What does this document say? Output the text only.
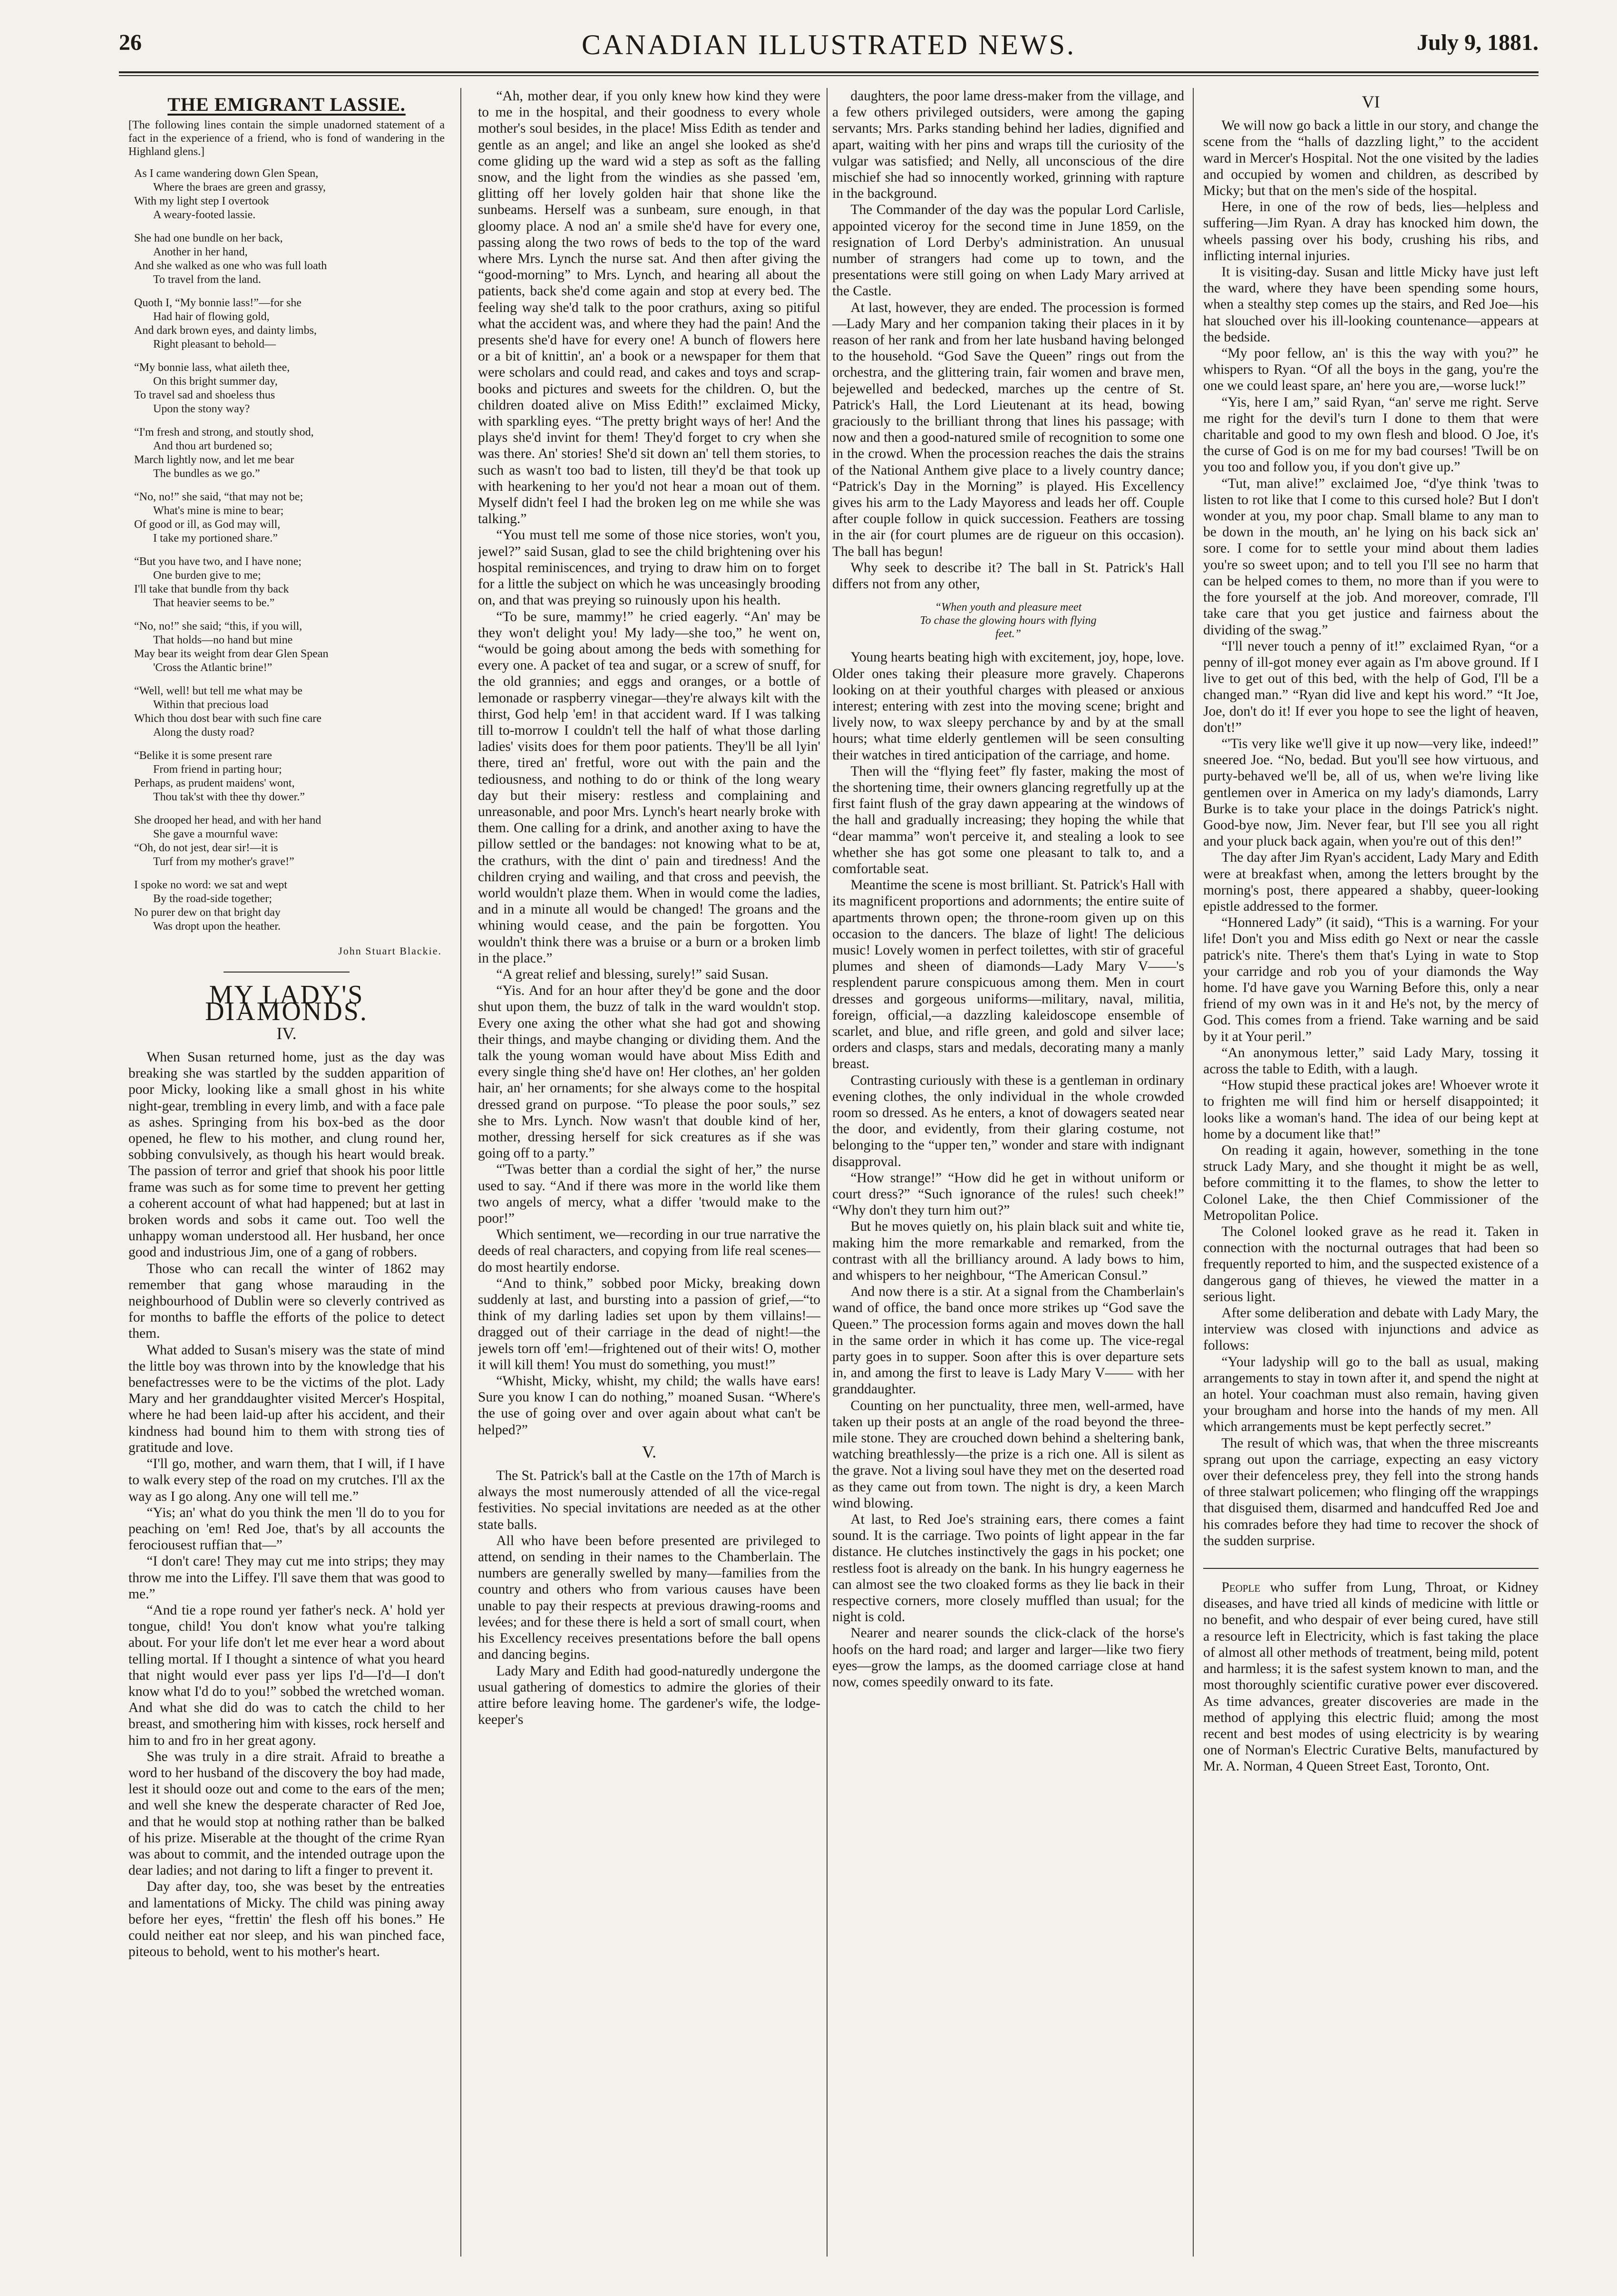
26	CANADIAN ILLUSTRATED NEWS.	July 9, 1881.
THE EMIGRANT LASSIE.
[The following lines contain the simple unadorned statement of a fact in the experience of a friend, who is fond of wandering in the Highland glens.]
As I came wandering down Glen Spean,
Where the braes are green and grassy,
With my light step I overtook
A weary-footed lassie.
She had one bundle on her back,
Another in her hand,
And she walked as one who was full loath
To travel from the land.
Quoth I, “My bonnie lass!”—for she
Had hair of flowing gold,
And dark brown eyes, and dainty limbs,
Right pleasant to behold—
“My bonnie lass, what aileth thee,
On this bright summer day,
To travel sad and shoeless thus
Upon the stony way?
“I'm fresh and strong, and stoutly shod,
And thou art burdened so;
March lightly now, and let me bear
The bundles as we go.”
“No, no!” she said, “that may not be;
What's mine is mine to bear;
Of good or ill, as God may will,
I take my portioned share.”
“But you have two, and I have none;
One burden give to me;
I'll take that bundle from thy back
That heavier seems to be.”
“No, no!” she said; “this, if you will,
That holds—no hand but mine
May bear its weight from dear Glen Spean
'Cross the Atlantic brine!”
“Well, well! but tell me what may be
Within that precious load
Which thou dost bear with such fine care
Along the dusty road?
“Belike it is some present rare
From friend in parting hour;
Perhaps, as prudent maidens' wont,
Thou tak'st with thee thy dower.”
She drooped her head, and with her hand
She gave a mournful wave:
“Oh, do not jest, dear sir!—it is
Turf from my mother's grave!”
I spoke no word: we sat and wept
By the road-side together;
No purer dew on that bright day
Was dropt upon the heather.
John Stuart Blackie.
MY LADY'S DIAMONDS.
IV.

When Susan returned home, just as the day was breaking she was startled by the sudden apparition of poor Micky, looking like a small ghost in his white night-gear, trembling in every limb, and with a face pale as ashes. Springing from his box-bed as the door opened, he flew to his mother, and clung round her, sobbing convulsively, as though his heart would break. The passion of terror and grief that shook his poor little frame was such as for some time to prevent her getting a coherent account of what had happened; but at last in broken words and sobs it came out. Too well the unhappy woman understood all. Her husband, her once good and industrious Jim, one of a gang of robbers.

Those who can recall the winter of 1862 may remember that gang whose marauding in the neighbourhood of Dublin were so cleverly contrived as for months to baffle the efforts of the police to detect them.

What added to Susan's misery was the state of mind the little boy was thrown into by the knowledge that his benefactresses were to be the victims of the plot. Lady Mary and her granddaughter visited Mercer's Hospital, where he had been laid-up after his accident, and their kindness had bound him to them with strong ties of gratitude and love.

“I'll go, mother, and warn them, that I will, if I have to walk every step of the road on my crutches. I'll ax the way as I go along. Any one will tell me.”

“Yis; an' what do you think the men 'll do to you for peaching on 'em! Red Joe, that's by all accounts the ferociousest ruffian that—”

“I don't care! They may cut me into strips; they may throw me into the Liffey. I'll save them that was good to me.”

“And tie a rope round yer father's neck. A' hold yer tongue, child! You don't know what you're talking about. For your life don't let me ever hear a word about telling mortal. If I thought a sintence of what you heard that night would ever pass yer lips I'd—I'd—I don't know what I'd do to you!” sobbed the wretched woman. And what she did do was to catch the child to her breast, and smothering him with kisses, rock herself and him to and fro in her great agony.

She was truly in a dire strait. Afraid to breathe a word to her husband of the discovery the boy had made, lest it should ooze out and come to the ears of the men; and well she knew the desperate character of Red Joe, and that he would stop at nothing rather than be balked of his prize. Miserable at the thought of the crime Ryan was about to commit, and the intended outrage upon the dear ladies; and not daring to lift a finger to prevent it.

Day after day, too, she was beset by the entreaties and lamentations of Micky. The child was pining away before her eyes, “frettin' the flesh off his bones.” He could neither eat nor sleep, and his wan pinched face, piteous to behold, went to his mother's heart.

“Ah, mother dear, if you only knew how kind they were to me in the hospital, and their goodness to every whole mother's soul besides, in the place! Miss Edith as tender and gentle as an angel; and like an angel she looked as she'd come gliding up the ward wid a step as soft as the falling snow, and the light from the windies as she passed 'em, glitting off her lovely golden hair that shone like the sunbeams. Herself was a sunbeam, sure enough, in that gloomy place. A nod an' a smile she'd have for every one, passing along the two rows of beds to the top of the ward where Mrs. Lynch the nurse sat. And then after giving the “good-morning” to Mrs. Lynch, and hearing all about the patients, back she'd come again and stop at every bed. The feeling way she'd talk to the poor crathurs, axing so pitiful what the accident was, and where they had the pain! And the presents she'd have for every one! A bunch of flowers here or a bit of knittin', an' a book or a newspaper for them that were scholars and could read, and cakes and toys and scrap-books and pictures and sweets for the children. O, but the children doated alive on Miss Edith!” exclaimed Micky, with sparkling eyes. “The pretty bright ways of her! And the plays she'd invint for them! They'd forget to cry when she was there. An' stories! She'd sit down an' tell them stories, to such as wasn't too bad to listen, till they'd be that took up with hearkening to her you'd not hear a moan out of them. Myself didn't feel I had the broken leg on me while she was talking.”

“You must tell me some of those nice stories, won't you, jewel?” said Susan, glad to see the child brightening over his hospital reminiscences, and trying to draw him on to forget for a little the subject on which he was unceasingly brooding on, and that was preying so ruinously upon his health.

“To be sure, mammy!” he cried eagerly. “An' may be they won't delight you! My lady—she too,” he went on, “would be going about among the beds with something for every one. A packet of tea and sugar, or a screw of snuff, for the old grannies; and eggs and oranges, or a bottle of lemonade or raspberry vinegar—they're always kilt with the thirst, God help 'em! in that accident ward. If I was talking till to-morrow I couldn't tell the half of what those darling ladies' visits does for them poor patients. They'll be all lyin' there, tired an' fretful, wore out with the pain and the tediousness, and nothing to do or think of the long weary day but their misery: restless and complaining and unreasonable, and poor Mrs. Lynch's heart nearly broke with them. One calling for a drink, and another axing to have the pillow settled or the bandages: not knowing what to be at, the crathurs, with the dint o' pain and tiredness! And the children crying and wailing, and that cross and peevish, the world wouldn't plaze them. When in would come the ladies, and in a minute all would be changed! The groans and the whining would cease, and the pain be forgotten. You wouldn't think there was a bruise or a burn or a broken limb in the place.”

“A great relief and blessing, surely!” said Susan.

“Yis. And for an hour after they'd be gone and the door shut upon them, the buzz of talk in the ward wouldn't stop. Every one axing the other what she had got and showing their things, and maybe changing or dividing them. And the talk the young woman would have about Miss Edith and every single thing she'd have on! Her clothes, an' her golden hair, an' her ornaments; for she always come to the hospital dressed grand on purpose. “To please the poor souls,” sez she to Mrs. Lynch. Now wasn't that double kind of her, mother, dressing herself for sick creatures as if she was going off to a party.”

“'Twas better than a cordial the sight of her,” the nurse used to say. “And if there was more in the world like them two angels of mercy, what a differ 'twould make to the poor!”

Which sentiment, we—recording in our true narrative the deeds of real characters, and copying from life real scenes—do most heartily endorse.

“And to think,” sobbed poor Micky, breaking down suddenly at last, and bursting into a passion of grief,—“to think of my darling ladies set upon by them villains!—dragged out of their carriage in the dead of night!—the jewels torn off 'em!—frightened out of their wits! O, mother it will kill them! You must do something, you must!”

“Whisht, Micky, whisht, my child; the walls have ears! Sure you know I can do nothing,” moaned Susan. “Where's the use of going over and over again about what can't be helped?”

V.

The St. Patrick's ball at the Castle on the 17th of March is always the most numerously attended of all the vice-regal festivities. No special invitations are needed as at the other state balls.

All who have been before presented are privileged to attend, on sending in their names to the Chamberlain. The numbers are generally swelled by many—families from the country and others who from various causes have been unable to pay their respects at previous drawing-rooms and levées; and for these there is held a sort of small court, when his Excellency receives presentations before the ball opens and dancing begins.

Lady Mary and Edith had good-naturedly undergone the usual gathering of domestics to admire the glories of their attire before leaving home. The gardener's wife, the lodge-keeper's

daughters, the poor lame dress-maker from the village, and a few others privileged outsiders, were among the gaping servants; Mrs. Parks standing behind her ladies, dignified and apart, waiting with her pins and wraps till the curiosity of the vulgar was satisfied; and Nelly, all unconscious of the dire mischief she had so innocently worked, grinning with rapture in the background.

The Commander of the day was the popular Lord Carlisle, appointed viceroy for the second time in June 1859, on the resignation of Lord Derby's administration. An unusual number of strangers had come up to town, and the presentations were still going on when Lady Mary arrived at the Castle.

At last, however, they are ended. The procession is formed—Lady Mary and her companion taking their places in it by reason of her rank and from her late husband having belonged to the household. “God Save the Queen” rings out from the orchestra, and the glittering train, fair women and brave men, bejewelled and bedecked, marches up the centre of St. Patrick's Hall, the Lord Lieutenant at its head, bowing graciously to the brilliant throng that lines his passage; with now and then a good-natured smile of recognition to some one in the crowd. When the procession reaches the dais the strains of the National Anthem give place to a lively country dance; “Patrick's Day in the Morning” is played. His Excellency gives his arm to the Lady Mayoress and leads her off. Couple after couple follow in quick succession. Feathers are tossing in the air (for court plumes are de rigueur on this occasion). The ball has begun!

Why seek to describe it? The ball in St. Patrick's Hall differs not from any other,

“When youth and pleasure meet
To chase the glowing hours with flying
feet.”

Young hearts beating high with excitement, joy, hope, love. Older ones taking their pleasure more gravely. Chaperons looking on at their youthful charges with pleased or anxious interest; entering with zest into the moving scene; bright and lively now, to wax sleepy perchance by and by at the small hours; what time elderly gentlemen will be seen consulting their watches in tired anticipation of the carriage, and home.

Then will the “flying feet” fly faster, making the most of the shortening time, their owners glancing regretfully up at the first faint flush of the gray dawn appearing at the windows of the hall and gradually increasing; they hoping the while that “dear mamma” won't perceive it, and stealing a look to see whether she has got some one pleasant to talk to, and a comfortable seat.

Meantime the scene is most brilliant. St. Patrick's Hall with its magnificent proportions and adornments; the entire suite of apartments thrown open; the throne-room given up on this occasion to the dancers. The blaze of light! The delicious music! Lovely women in perfect toilettes, with stir of graceful plumes and sheen of diamonds—Lady Mary V——'s resplendent parure conspicuous among them. Men in court dresses and gorgeous uniforms—military, naval, militia, foreign, official,—a dazzling kaleidoscope ensemble of scarlet, and blue, and rifle green, and gold and silver lace; orders and clasps, stars and medals, decorating many a manly breast.

Contrasting curiously with these is a gentleman in ordinary evening clothes, the only individual in the whole crowded room so dressed. As he enters, a knot of dowagers seated near the door, and evidently, from their glaring costume, not belonging to the “upper ten,” wonder and stare with indignant disapproval.

“How strange!” “How did he get in without uniform or court dress?” “Such ignorance of the rules! such cheek!” “Why don't they turn him out?”

But he moves quietly on, his plain black suit and white tie, making him the more remarkable and remarked, from the contrast with all the brilliancy around. A lady bows to him, and whispers to her neighbour, “The American Consul.”

And now there is a stir. At a signal from the Chamberlain's wand of office, the band once more strikes up “God save the Queen.” The procession forms again and moves down the hall in the same order in which it has come up. The vice-regal party goes in to supper. Soon after this is over departure sets in, and among the first to leave is Lady Mary V—— with her granddaughter.

Counting on her punctuality, three men, well-armed, have taken up their posts at an angle of the road beyond the three-mile stone. They are crouched down behind a sheltering bank, watching breathlessly—the prize is a rich one. All is silent as the grave. Not a living soul have they met on the deserted road as they came out from town. The night is dry, a keen March wind blowing.

At last, to Red Joe's straining ears, there comes a faint sound. It is the carriage. Two points of light appear in the far distance. He clutches instinctively the gags in his pocket; one restless foot is already on the bank. In his hungry eagerness he can almost see the two cloaked forms as they lie back in their respective corners, more closely muffled than usual; for the night is cold.

Nearer and nearer sounds the click-clack of the horse's hoofs on the hard road; and larger and larger—like two fiery eyes—grow the lamps, as the doomed carriage close at hand now, comes speedily onward to its fate.

VI

We will now go back a little in our story, and change the scene from the “halls of dazzling light,” to the accident ward in Mercer's Hospital. Not the one visited by the ladies and occupied by women and children, as described by Micky; but that on the men's side of the hospital.

Here, in one of the row of beds, lies—helpless and suffering—Jim Ryan. A dray has knocked him down, the wheels passing over his body, crushing his ribs, and inflicting internal injuries.

It is visiting-day. Susan and little Micky have just left the ward, where they have been spending some hours, when a stealthy step comes up the stairs, and Red Joe—his hat slouched over his ill-looking countenance—appears at the bedside.

“My poor fellow, an' is this the way with you?” he whispers to Ryan. “Of all the boys in the gang, you're the one we could least spare, an' here you are,—worse luck!”

“Yis, here I am,” said Ryan, “an' serve me right. Serve me right for the devil's turn I done to them that were charitable and good to my own flesh and blood. O Joe, it's the curse of God is on me for my bad courses! 'Twill be on you too and follow you, if you don't give up.”

“Tut, man alive!” exclaimed Joe, “d'ye think 'twas to listen to rot like that I come to this cursed hole? But I don't wonder at you, my poor chap. Small blame to any man to be down in the mouth, an' he lying on his back sick an' sore. I come for to settle your mind about them ladies you're so sweet upon; and to tell you I'll see no harm that can be helped comes to them, no more than if you were to the fore yourself at the job. And moreover, comrade, I'll take care that you get justice and fairness about the dividing of the swag.”

“I'll never touch a penny of it!” exclaimed Ryan, “or a penny of ill-got money ever again as I'm above ground. If I live to get out of this bed, with the help of God, I'll be a changed man.” “Ryan did live and kept his word.” “It Joe, Joe, don't do it! If ever you hope to see the light of heaven, don't!”

“'Tis very like we'll give it up now—very like, indeed!” sneered Joe. “No, bedad. But you'll see how virtuous, and purty-behaved we'll be, all of us, when we're living like gentlemen over in America on my lady's diamonds, Larry Burke is to take your place in the doings Patrick's night. Good-bye now, Jim. Never fear, but I'll see you all right and your pluck back again, when you're out of this den!”

The day after Jim Ryan's accident, Lady Mary and Edith were at breakfast when, among the letters brought by the morning's post, there appeared a shabby, queer-looking epistle addressed to the former.

“Honnered Lady” (it said), “This is a warning. For your life! Don't you and Miss edith go Next or near the cassle patrick's nite. There's them that's Lying in wate to Stop your carridge and rob you of your diamonds the Way home. I'd have gave you Warning Before this, only a near friend of my own was in it and He's not, by the mercy of God. This comes from a friend. Take warning and be said by it at Your peril.”

“An anonymous letter,” said Lady Mary, tossing it across the table to Edith, with a laugh.

“How stupid these practical jokes are! Whoever wrote it to frighten me will find him or herself disappointed; it looks like a woman's hand. The idea of our being kept at home by a document like that!”

On reading it again, however, something in the tone struck Lady Mary, and she thought it might be as well, before committing it to the flames, to show the letter to Colonel Lake, the then Chief Commissioner of the Metropolitan Police.

The Colonel looked grave as he read it. Taken in connection with the nocturnal outrages that had been so frequently reported to him, and the suspected existence of a dangerous gang of thieves, he viewed the matter in a serious light.

After some deliberation and debate with Lady Mary, the interview was closed with injunctions and advice as follows:

“Your ladyship will go to the ball as usual, making arrangements to stay in town after it, and spend the night at an hotel. Your coachman must also remain, having given your brougham and horse into the hands of my men. All which arrangements must be kept perfectly secret.”

The result of which was, that when the three miscreants sprang out upon the carriage, expecting an easy victory over their defenceless prey, they fell into the strong hands of three stalwart policemen; who flinging off the wrappings that disguised them, disarmed and handcuffed Red Joe and his comrades before they had time to recover the shock of the sudden surprise.

People who suffer from Lung, Throat, or Kidney diseases, and have tried all kinds of medicine with little or no benefit, and who despair of ever being cured, have still a resource left in Electricity, which is fast taking the place of almost all other methods of treatment, being mild, potent and harmless; it is the safest system known to man, and the most thoroughly scientific curative power ever discovered. As time advances, greater discoveries are made in the method of applying this electric fluid; among the most recent and best modes of using electricity is by wearing one of Norman's Electric Curative Belts, manufactured by Mr. A. Norman, 4 Queen Street East, Toronto, Ont.
